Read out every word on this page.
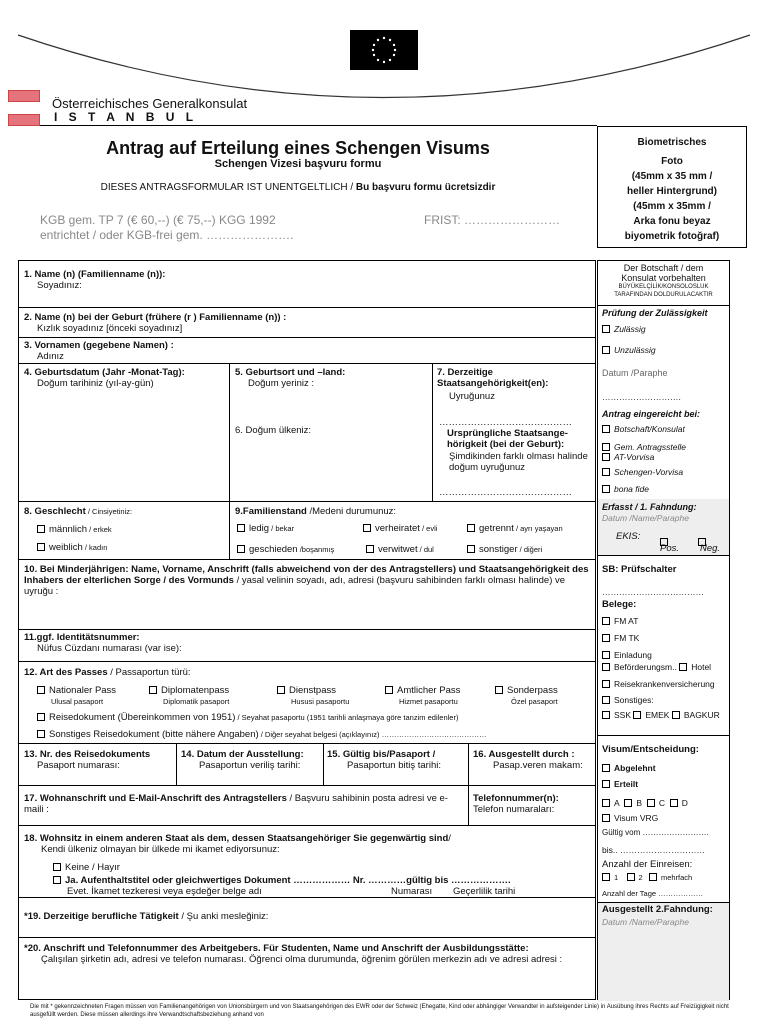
Österreichisches Generalkonsulat
I S T A N B U L
Antrag auf Erteilung eines Schengen Visums
Schengen Vizesi başvuru formu
DIESES ANTRAGSFORMULAR IST UNENTGELTLICH / Bu başvuru formu ücretsizdir
KGB gem. TP 7 (€ 60,--) (€ 75,--) KGG 1992
entrichtet / oder KGB-frei gem. ………………….
FRIST: ……………………
Biometrisches
Foto
(45mm x 35 mm /
heller Hintergrund)
(45mm x 35mm /
Arka fonu beyaz
biyometrik fotoğraf)
1. Name (n) (Familienname (n)):
Soyadınız:
2. Name (n) bei der Geburt (frühere (r ) Familienname (n)) :
Kızlık soyadınız [önceki soyadınız]
3. Vornamen (gegebene Namen) :
Adınız
4. Geburtsdatum (Jahr -Monat-Tag):
Doğum tarihiniz (yıl-ay-gün)
5. Geburtsort und –land:
Doğum yeriniz :
6. Doğum ülkeniz:
7. Derzeitige Staatsangehörigkeit(en):
Uyruğunuz
……………………………………
Ursprüngliche Staatsange-hörigkeit (bei der Geburt):
Şimdikinden farklı olması halinde doğum uyruğunuz
……………………………………
8. Geschlecht / Cinsiyetiniz:
männlich / erkek
weiblich / kadın
9.Familienstand /Medeni durumunuz:
ledig / bekar	verheiratet / evli	getrennt / ayrı yaşayan
geschieden /boşanmış	verwitwet / dul	sonstiger / diğeri
10. Bei Minderjährigen: Name, Vorname, Anschrift (falls abweichend von der des Antragstellers) und Staatsangehörigkeit des Inhabers der elterlichen Sorge / des Vormunds / yasal velinin soyadı, adı, adresi (başvuru sahibinden farklı olması halinde) ve uyruğu :
11.ggf. Identitätsnummer:
Nüfus Cüzdanı numarası (var ise):
12. Art des Passes / Passaportun türü:
Nationaler Pass
Ulusal pasaport
Diplomatenpass
Diplomatik pasaport
Dienstpass
Hususi pasaportu
Amtlicher Pass
Hizmet pasaportu
Sonderpass
Özel pasaport
Reisedokument (Übereinkommen von 1951) / Seyahat pasaportu (1951 tarihli anlaşmaya göre tanzim edilenler)
Sonstiges Reisedokument (bitte nähere Angaben) / Diğer seyahat belgesi (açıklayınız) ……………………………………
13. Nr. des Reisedokuments
Pasaport numarası:
14. Datum der Ausstellung:
Pasaportun veriliş tarihi:
15. Gültig bis/Pasaport /
Pasaportun bitiş tarihi:
16. Ausgestellt durch :
Pasap.veren makam:
17. Wohnanschrift und E-Mail-Anschrift des Antragstellers / Başvuru sahibinin posta adresi ve e-maili :
Telefonnummer(n):
Telefon numaraları:
18. Wohnsitz in einem anderen Staat als dem, dessen Staatsangehöriger Sie gegenwärtig sind/
Kendi ülkeniz olmayan bir ülkede mi ikamet ediyorsunuz:
Keine / Hayır
Ja. Aufenthaltstitel oder gleichwertiges Dokument ……………… Nr. …………gültig bis ……………….
Evet. İkamet tezkeresi veya eşdeğer belge adı	Numarası Geçerlilik tarihi
*19. Derzeitige berufliche Tätigkeit / Şu anki mesleğiniz:
*20. Anschrift und Telefonnummer des Arbeitgebers. Für Studenten, Name und Anschrift der Ausbildungsstätte:
Çalışılan şirketin adı, adresi ve telefon numarası. Öğrenci olma durumunda, öğrenim görülen merkezin adı ve adresi adresi :
Der Botschaft / dem
Konsulat vorbehalten
BÜYÜKELÇİLİK/KONSOLOSLUK
TARAFINDAN DOLDURULACAKTIR
Prüfung der Zulässigkeit
Zulässig
Unzulässig
Datum /Paraphe
……………………….
Antrag eingereicht bei:
Botschaft/Konsulat
Gem. Antragsstelle
AT-Vorvisa
Schengen-Vorvisa
bona fide
Erfasst / 1. Fahndung:
Datum /Name/Paraphe
EKIS:
Pos. Neg.
SB: Prüfschalter
………………………………
Belege:
FM AT
FM TK
Einladung
Beförderungsm.. Hotel
Reisekrankenversicherung
Sonstiges:
SSK EMEK BAGKUR
Visum/Entscheidung:
Abgelehnt
Erteilt
A B C D
Visum VRG
Gültig vom …………………….
bis.. …………………………
Anzahl der Einreisen:
1	2 mehrfach
Anzahl der Tage ………………
Ausgestellt 2.Fahndung:
Datum /Name/Paraphe
Die mit * gekennzeichneten Fragen müssen von Familienangehörigen von Unionsbürgern und von Staatsangehörigen des EWR oder der Schweiz (Ehegatte, Kind oder abhängiger Verwandter in aufsteigender Linie) in Ausübung ihres Rechts auf Freizügigkeit nicht ausgefüllt werden. Diese müssen allerdings ihre Verwandtschaftsbeziehung anhand von
